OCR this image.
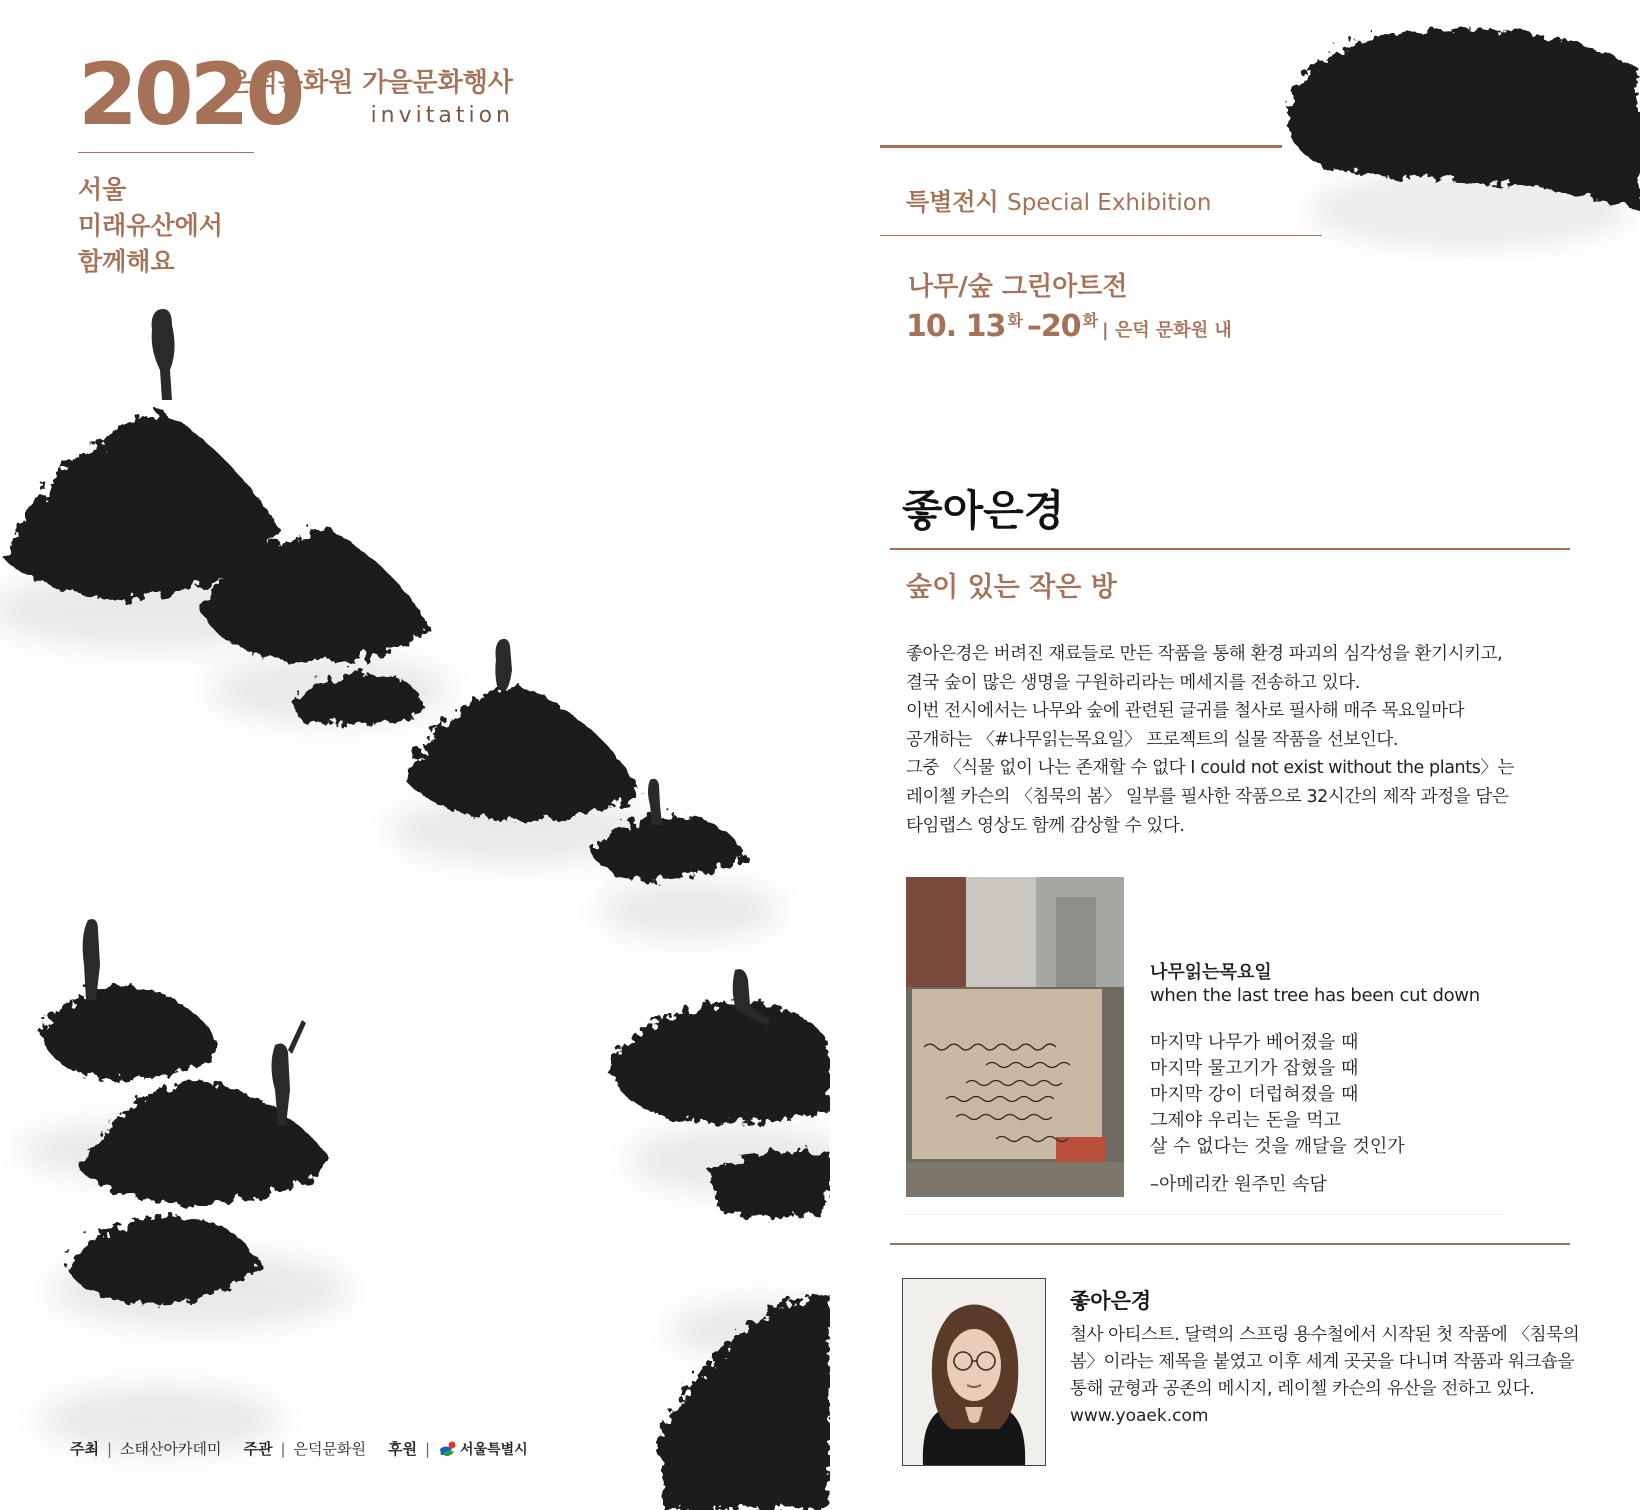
2020
서울
미래유산에서
함께해요
은덕문화원 가을문화행사
invitation
주최 | 소태산아카데미 주관 | 은덕문화원 후원 | 서울특별시
특별전시 Special Exhibition
나무/숲 그린아트전
10. 13 화 –20 화 | 은덕 문화원 내
좋아은경
숲이 있는 작은 방

좋아은경은 버려진 재료들로 만든 작품을 통해 환경 파괴의 심각성을 환기시키고,

결국 숲이 많은 생명을 구원하리라는 메세지를 전송하고 있다.

이번 전시에서는 나무와 숲에 관련된 글귀를 철사로 필사해 매주 목요일마다

공개하는 〈#나무읽는목요일〉 프로젝트의 실물 작품을 선보인다.

그중 〈식물 없이 나는 존재할 수 없다 I could not exist without the plants〉는

레이첼 카슨의 〈침묵의 봄〉 일부를 필사한 작품으로 32시간의 제작 과정을 담은

타임랩스 영상도 함께 감상할 수 있다.

나무읽는목요일
when the last tree has been cut down

마지막 나무가 베어졌을 때

마지막 물고기가 잡혔을 때

마지막 강이 더럽혀졌을 때

그제야 우리는 돈을 먹고

살 수 없다는 것을 깨달을 것인가

–아메리칸 원주민 속담
좋아은경

철사 아티스트. 달력의 스프링 용수철에서 시작된 첫 작품에 〈침묵의

봄〉이라는 제목을 붙였고 이후 세계 곳곳을 다니며 작품과 워크숍을

통해 균형과 공존의 메시지, 레이첼 카슨의 유산을 전하고 있다.

www.yoaek.com
